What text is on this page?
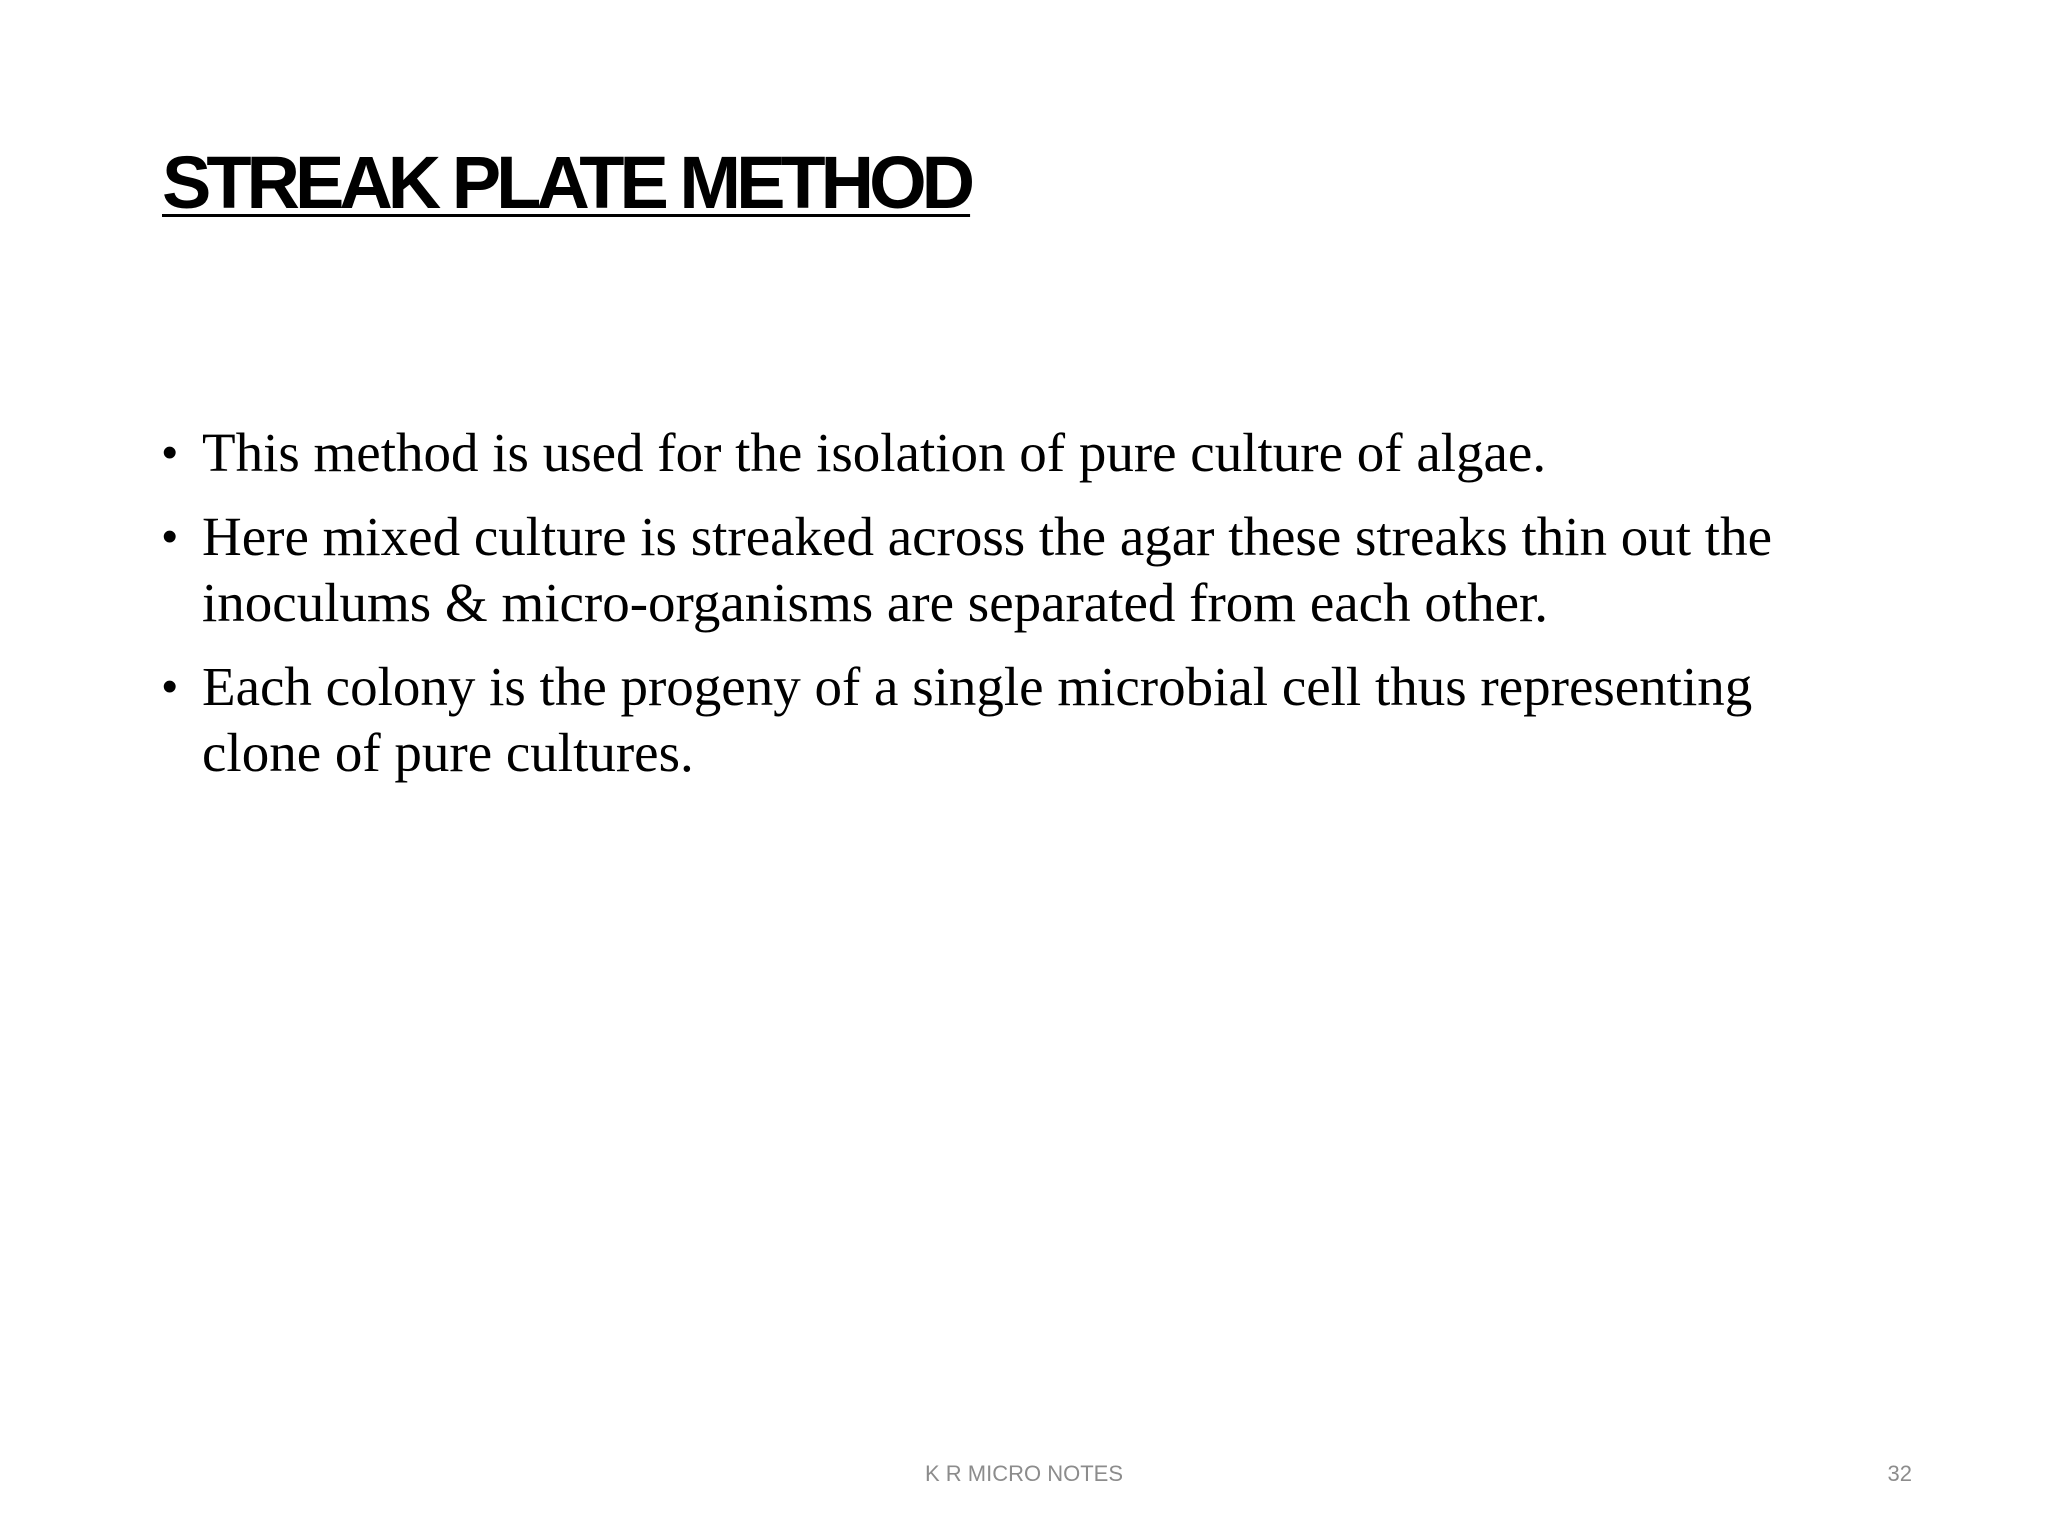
STREAK PLATE METHOD
• This method is used for the isolation of pure culture of algae.
• Here mixed culture is streaked across the agar these streaks thin out the inoculums & micro-organisms are separated from each other.
• Each colony is the progeny of a single microbial cell thus representing clone of pure cultures.

K R MICRO NOTES	32
